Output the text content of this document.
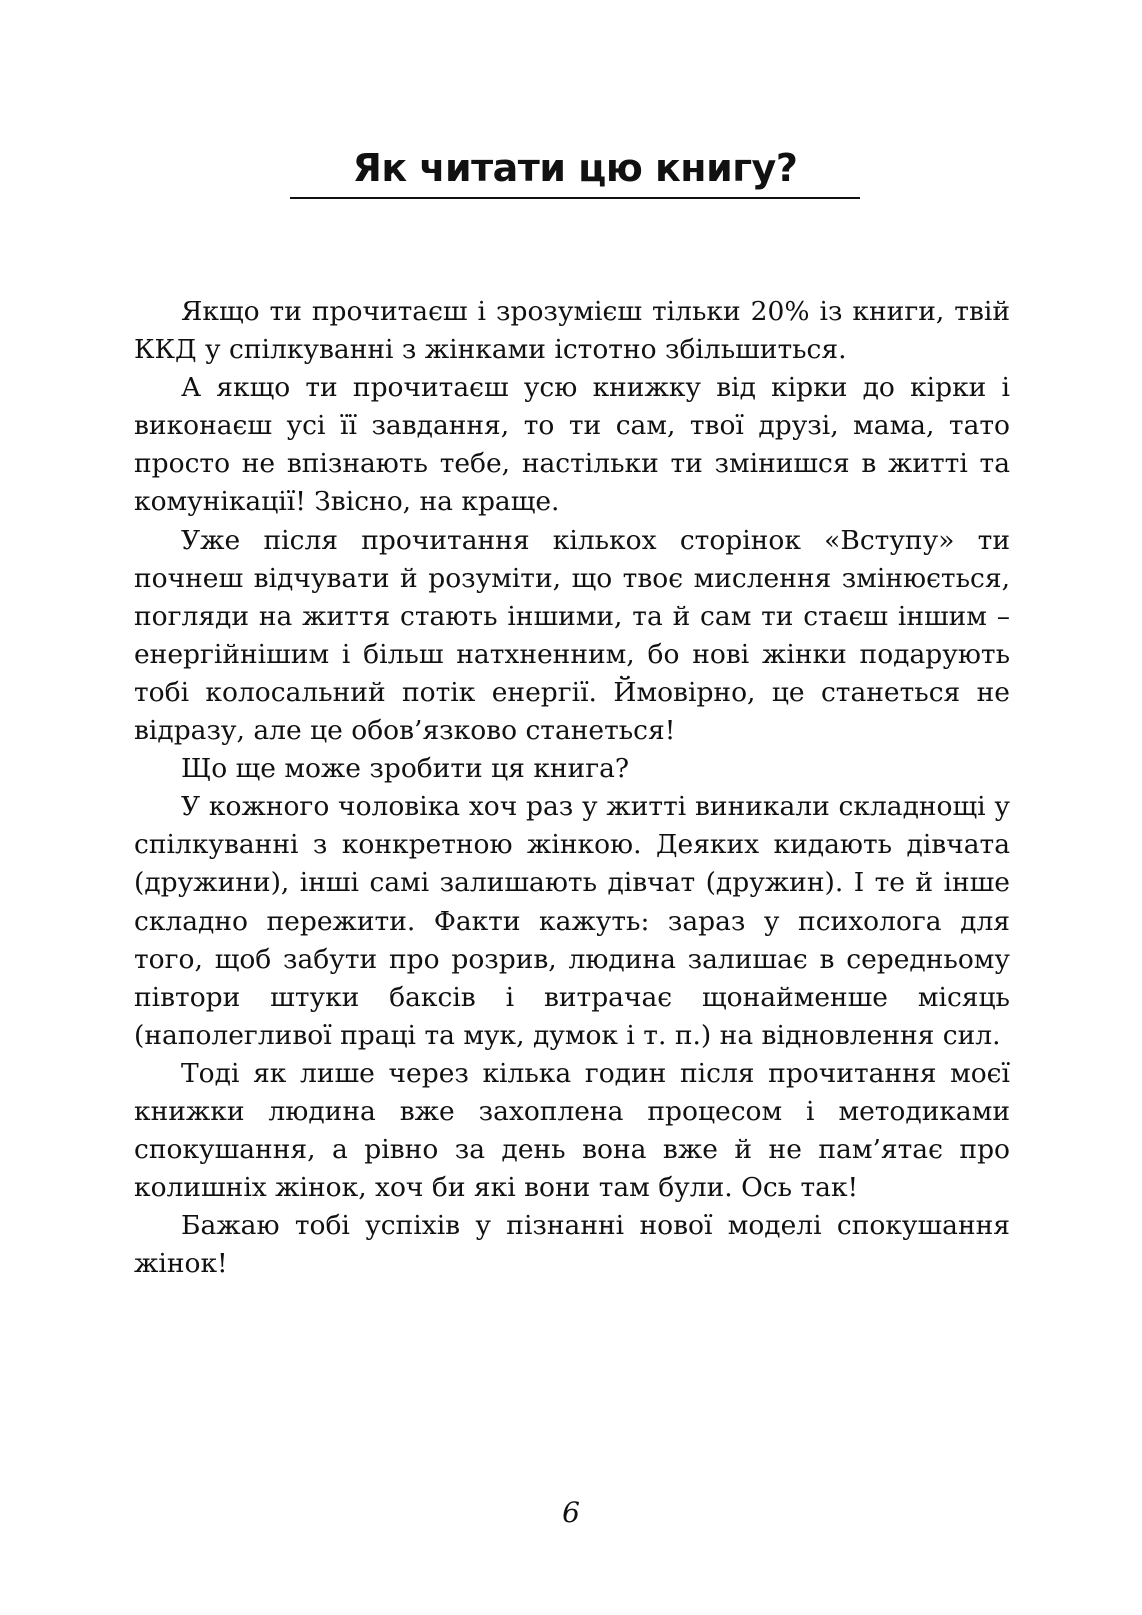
Як читати цю книгу?

Якщо ти прочитаєш і зрозумієш тільки 20% із книги, твій ККД у спілкуванні з жінками істотно збільшиться.

А якщо ти прочитаєш усю книжку від кірки до кірки і виконаєш усі її завдання, то ти сам, твої друзі, мама, тато просто не впізнають тебе, настільки ти змінишся в житті та комунікації! Звісно, на краще.

Уже після прочитання кількох сторінок «Вступу» ти почнеш відчувати й розуміти, що твоє мислення змінюється, погляди на життя стають іншими, та й сам ти стаєш іншим – енергійнішим і більш натхненним, бо нові жінки подарують тобі колосальний потік енергії. Ймовірно, це станеться не відразу, але це обов’язково станеться!

Що ще може зробити ця книга?

У кожного чоловіка хоч раз у житті виникали складнощі у спілкуванні з конкретною жінкою. Деяких кидають дівчата (дружини), інші самі залишають дівчат (дружин). І те й інше складно пережити. Факти кажуть: зараз у психолога для того, щоб забути про розрив, людина залишає в середньому півтори штуки баксів і витрачає щонайменше місяць (наполегливої праці та мук, думок і т. п.) на відновлення сил.

Тоді як лише через кілька годин після прочитання моєї книжки людина вже захоплена процесом і методиками спокушання, а рівно за день вона вже й не пам’ятає про колишніх жінок, хоч би які вони там були. Ось так!

Бажаю тобі успіхів у пізнанні нової моделі спокушання жінок!

6
